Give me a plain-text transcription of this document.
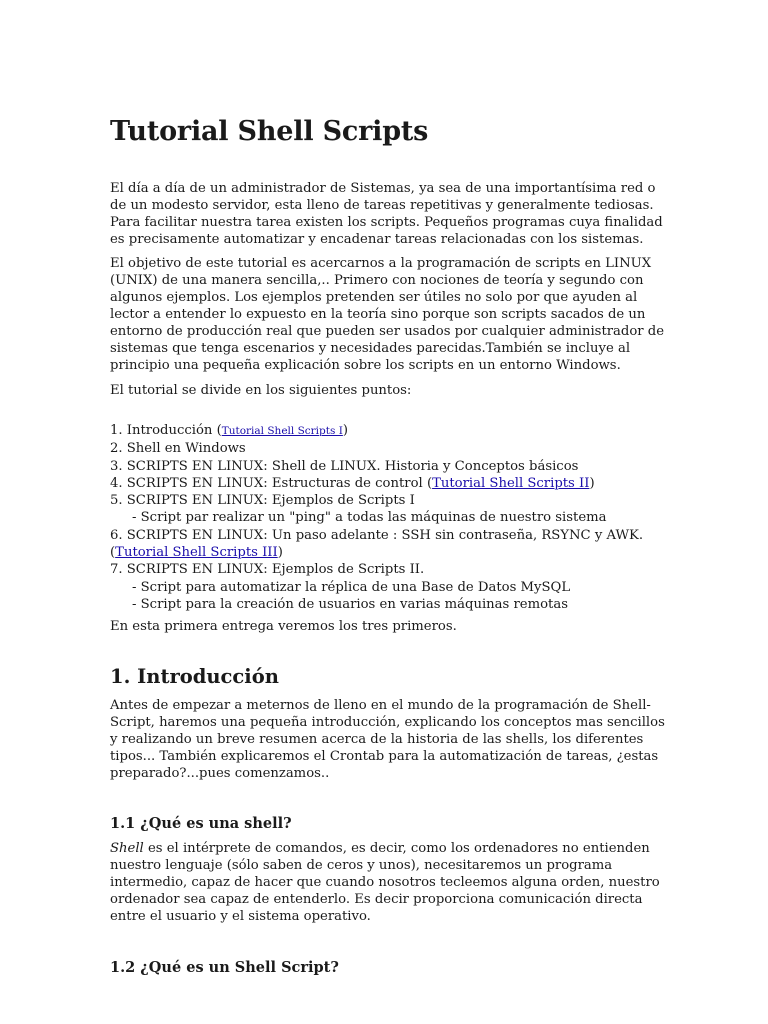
Tutorial Shell Scripts

El día a día de un administrador de Sistemas, ya sea de una importantísima red o de un modesto servidor, esta lleno de tareas repetitivas y generalmente tediosas. Para facilitar nuestra tarea existen los scripts. Pequeños programas cuya finalidad es precisamente automatizar y encadenar tareas relacionadas con los sistemas.

El objetivo de este tutorial es acercarnos a la programación de scripts en LINUX (UNIX) de una manera sencilla,.. Primero con nociones de teoría y segundo con algunos ejemplos. Los ejemplos pretenden ser útiles no solo por que ayuden al lector a entender lo expuesto en la teoría sino porque son scripts sacados de un entorno de producción real que pueden ser usados por cualquier administrador de sistemas que tenga escenarios y necesidades parecidas.También se incluye al principio una pequeña explicación sobre los scripts en un entorno Windows.

El tutorial se divide en los siguientes puntos:

1. Introducción (Tutorial Shell Scripts I)
2. Shell en Windows
3. SCRIPTS EN LINUX: Shell de LINUX. Historia y Conceptos básicos
4. SCRIPTS EN LINUX: Estructuras de control (Tutorial Shell Scripts II)
5. SCRIPTS EN LINUX: Ejemplos de Scripts I
- Script par realizar un "ping" a todas las máquinas de nuestro sistema
6. SCRIPTS EN LINUX: Un paso adelante : SSH sin contraseña, RSYNC y AWK.
(Tutorial Shell Scripts III)
7. SCRIPTS EN LINUX: Ejemplos de Scripts II.
- Script para automatizar la réplica de una Base de Datos MySQL
- Script para la creación de usuarios en varias máquinas remotas

En esta primera entrega veremos los tres primeros.

1. Introducción

Antes de empezar a meternos de lleno en el mundo de la programación de Shell-Script, haremos una pequeña introducción, explicando los conceptos mas sencillos y realizando un breve resumen acerca de la historia de las shells, los diferentes tipos... También explicaremos el Crontab para la automatización de tareas, ¿estas preparado?...pues comenzamos..

1.1 ¿Qué es una shell?

Shell es el intérprete de comandos, es decir, como los ordenadores no entienden nuestro lenguaje (sólo saben de ceros y unos), necesitaremos un programa intermedio, capaz de hacer que cuando nosotros tecleemos alguna orden, nuestro ordenador sea capaz de entenderlo. Es decir proporciona comunicación directa entre el usuario y el sistema operativo.

1.2 ¿Qué es un Shell Script?
